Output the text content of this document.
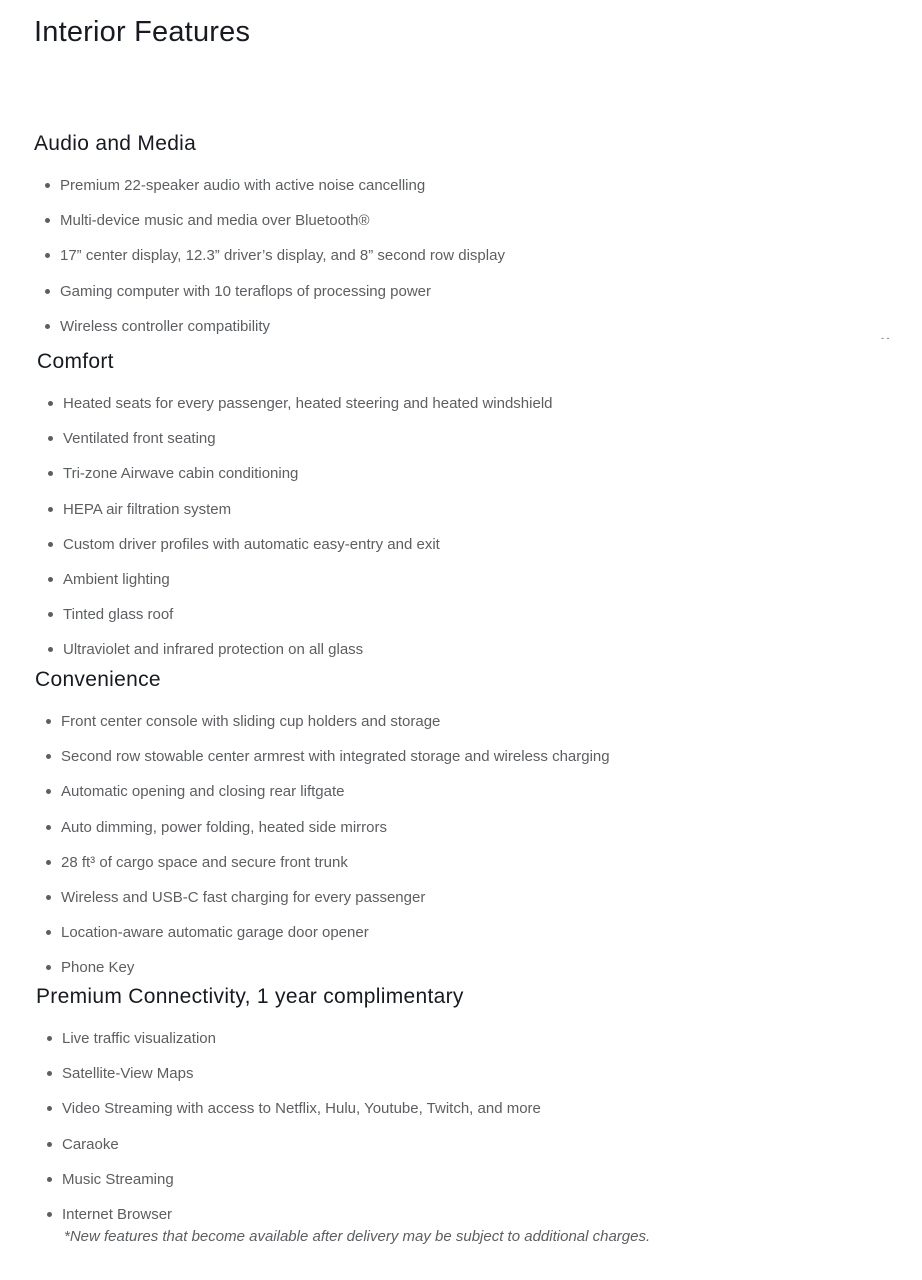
Interior Features
Audio and Media
Premium 22-speaker audio with active noise cancelling
Multi-device music and media over Bluetooth®
17” center display, 12.3” driver’s display, and 8” second row display
Gaming computer with 10 teraflops of processing power
Wireless controller compatibility
Comfort
Heated seats for every passenger, heated steering and heated windshield
Ventilated front seating
Tri-zone Airwave cabin conditioning
HEPA air filtration system
Custom driver profiles with automatic easy-entry and exit
Ambient lighting
Tinted glass roof
Ultraviolet and infrared protection on all glass
Convenience
Front center console with sliding cup holders and storage
Second row stowable center armrest with integrated storage and wireless charging
Automatic opening and closing rear liftgate
Auto dimming, power folding, heated side mirrors
28 ft³ of cargo space and secure front trunk
Wireless and USB-C fast charging for every passenger
Location-aware automatic garage door opener
Phone Key
Premium Connectivity, 1 year complimentary
Live traffic visualization
Satellite-View Maps
Video Streaming with access to Netflix, Hulu, Youtube, Twitch, and more
Caraoke
Music Streaming
Internet Browser
*New features that become available after delivery may be subject to additional charges.
- -
